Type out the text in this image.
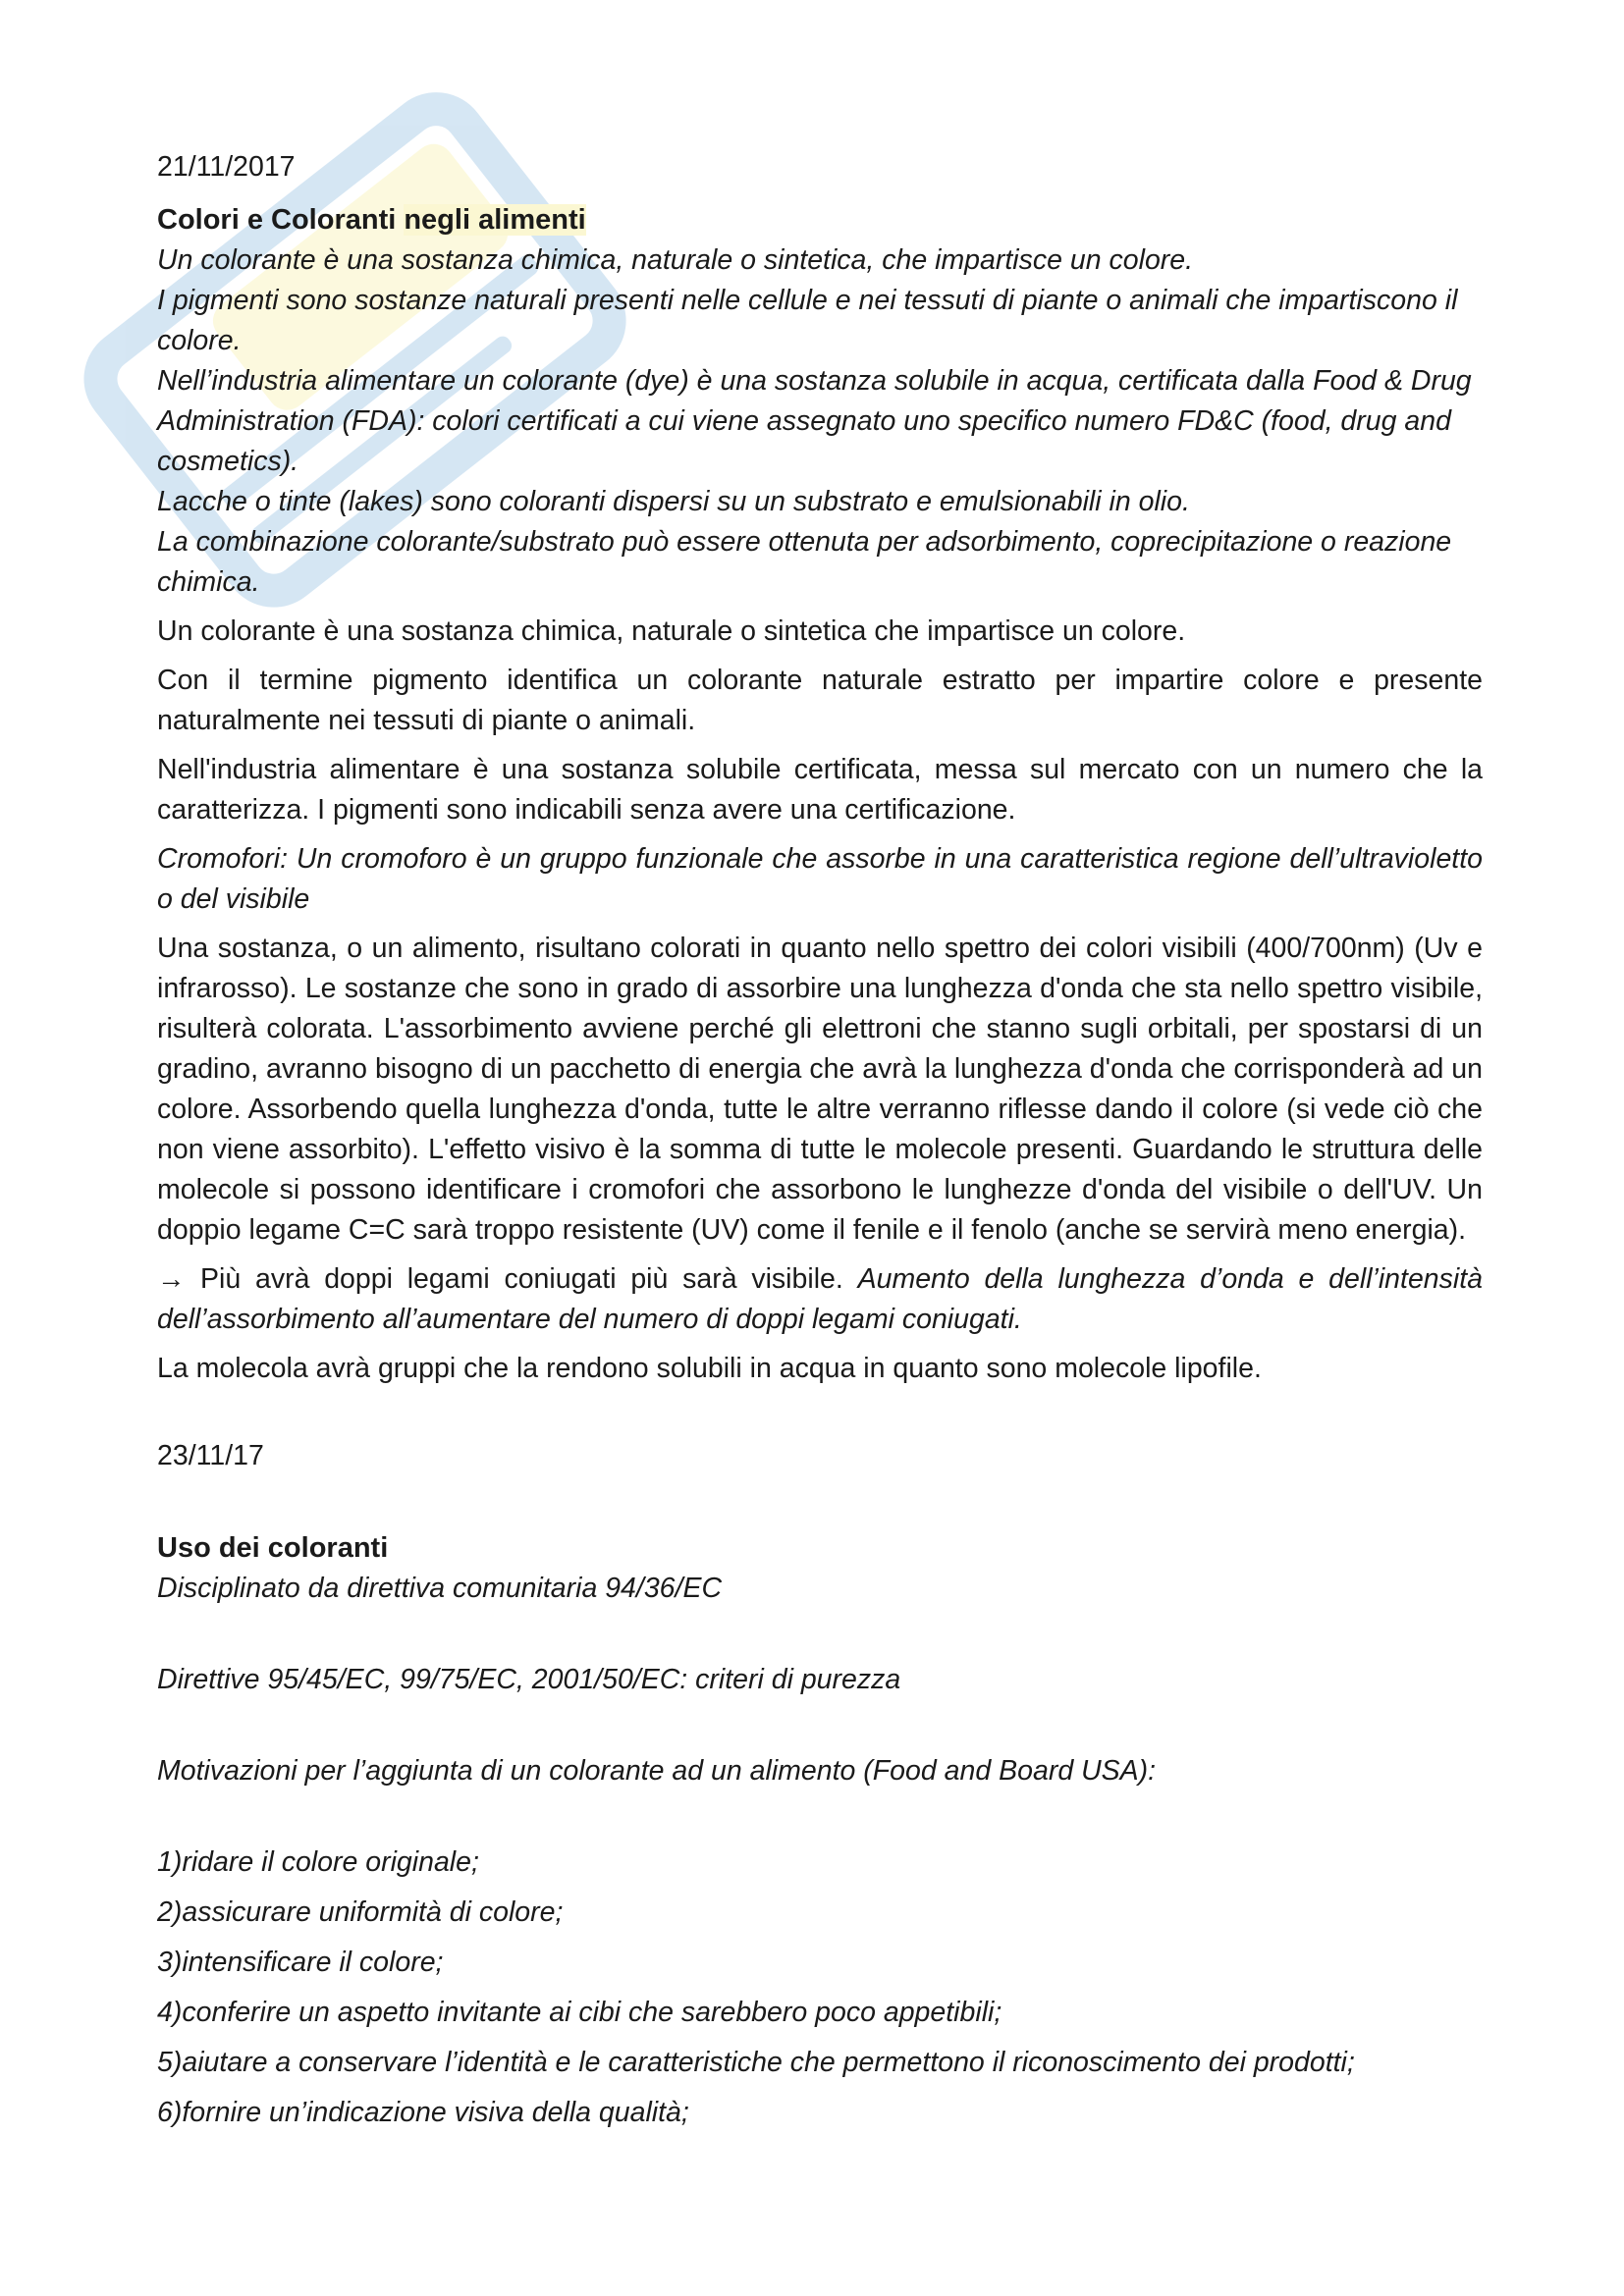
21/11/2017

Colori e Coloranti negli alimenti

Un colorante è una sostanza chimica, naturale o sintetica, che impartisce un colore.

I pigmenti sono sostanze naturali presenti nelle cellule e nei tessuti di piante o animali che impartiscono il colore.

Nell’industria alimentare un colorante (dye) è una sostanza solubile in acqua, certificata dalla Food & Drug Administration (FDA): colori certificati a cui viene assegnato uno specifico numero FD&C (food, drug and cosmetics).

Lacche o tinte (lakes) sono coloranti dispersi su un substrato e emulsionabili in olio.

La combinazione colorante/substrato può essere ottenuta per adsorbimento, coprecipitazione o reazione chimica.

Un colorante è una sostanza chimica, naturale o sintetica che impartisce un colore.

Con il termine pigmento identifica un colorante naturale estratto per impartire colore e presente naturalmente nei tessuti di piante o animali.

Nell'industria alimentare è una sostanza solubile certificata, messa sul mercato con un numero che la caratterizza. I pigmenti sono indicabili senza avere una certificazione.

Cromofori: Un cromoforo è un gruppo funzionale che assorbe in una caratteristica regione dell’ultravioletto o del visibile

Una sostanza, o un alimento, risultano colorati in quanto nello spettro dei colori visibili (400/700nm) (Uv e infrarosso). Le sostanze che sono in grado di assorbire una lunghezza d'onda che sta nello spettro visibile, risulterà colorata. L'assorbimento avviene perché gli elettroni che stanno sugli orbitali, per spostarsi di un gradino, avranno bisogno di un pacchetto di energia che avrà la lunghezza d'onda che corrisponderà ad un colore. Assorbendo quella lunghezza d'onda, tutte le altre verranno riflesse dando il colore (si vede ciò che non viene assorbito). L'effetto visivo è la somma di tutte le molecole presenti. Guardando le struttura delle molecole si possono identificare i cromofori che assorbono le lunghezze d'onda del visibile o dell'UV. Un doppio legame C=C sarà troppo resistente (UV) come il fenile e il fenolo (anche se servirà meno energia).

→ Più avrà doppi legami coniugati più sarà visibile. Aumento della lunghezza d’onda e dell’intensità dell’assorbimento all’aumentare del numero di doppi legami coniugati.

La molecola avrà gruppi che la rendono solubili in acqua in quanto sono molecole lipofile.

23/11/17

Uso dei coloranti

Disciplinato da direttiva comunitaria 94/36/EC

Direttive 95/45/EC, 99/75/EC, 2001/50/EC: criteri di purezza

Motivazioni per l’aggiunta di un colorante ad un alimento (Food and Board USA):

1)ridare il colore originale;

2)assicurare uniformità di colore;

3)intensificare il colore;

4)conferire un aspetto invitante ai cibi che sarebbero poco appetibili;

5)aiutare a conservare l’identità e le caratteristiche che permettono il riconoscimento dei prodotti;

6)fornire un’indicazione visiva della qualità;
